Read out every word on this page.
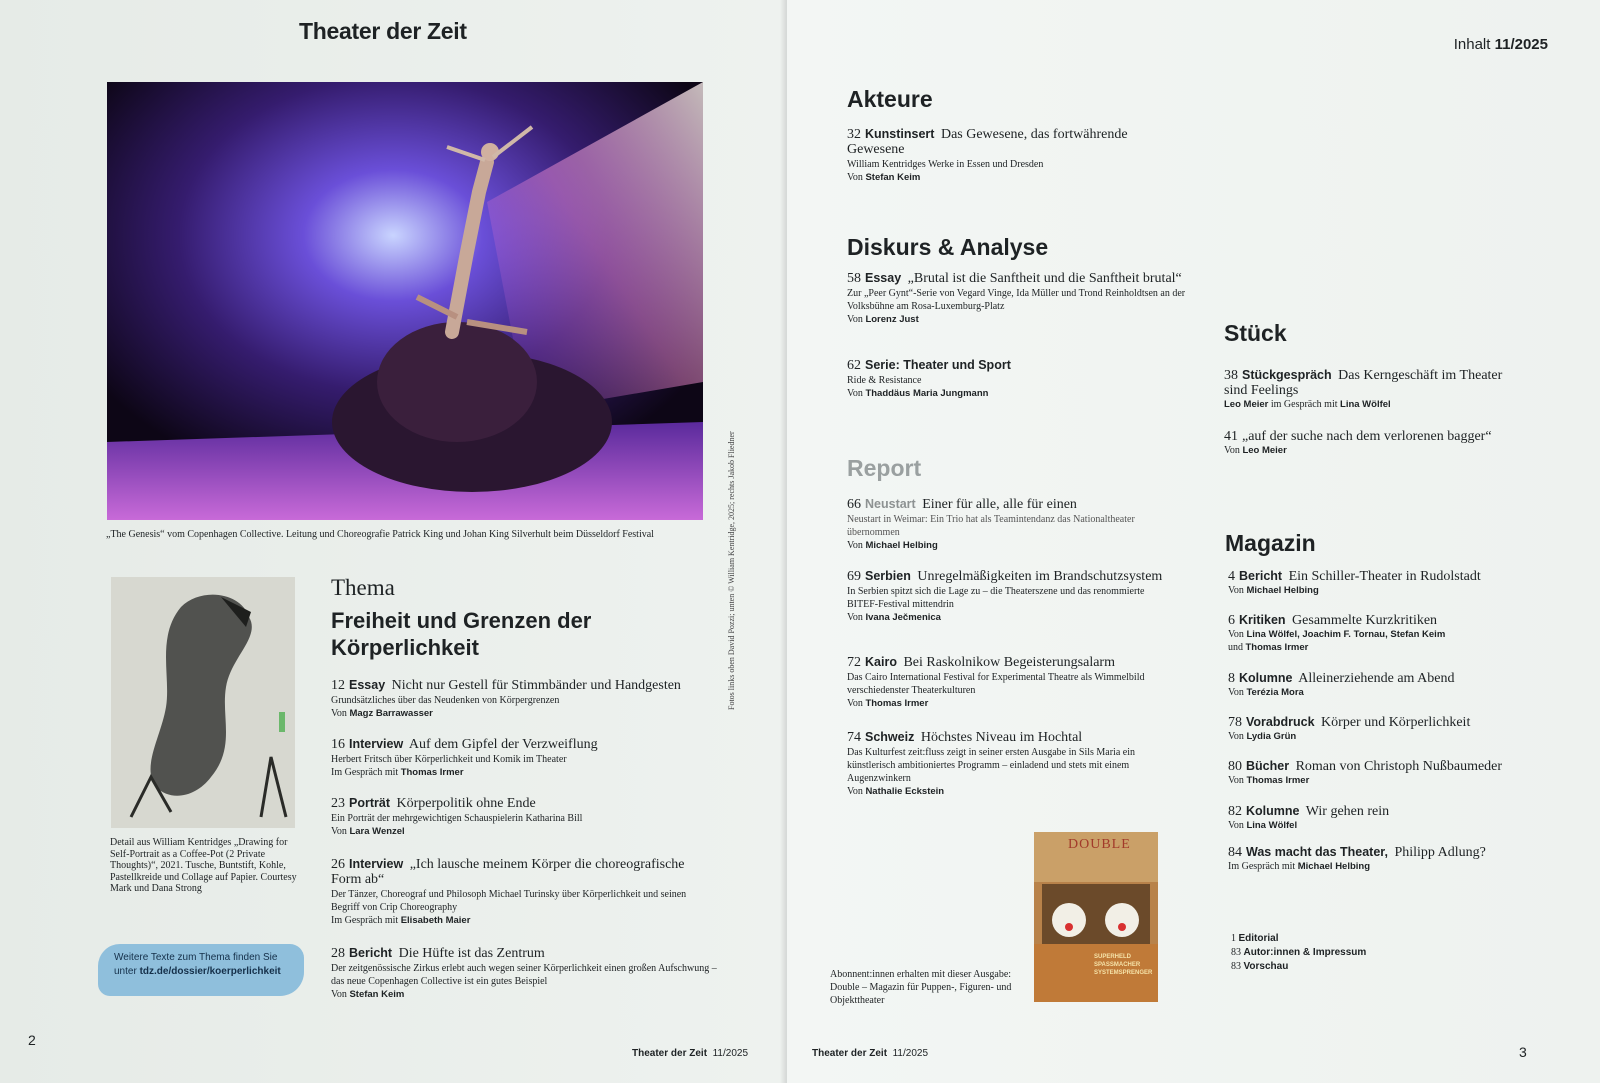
Theater der Zeit
„The Genesis“ vom Copenhagen Collective. Leitung und Choreografie Patrick King und Johan King Silverhult beim Düsseldorf Festival
Detail aus William Kentridges „Drawing for Self-Portrait as a Coffee-Pot (2 Private Thoughts)“, 2021. Tusche, Buntstift, Kohle, Pastellkreide und Collage auf Papier. Courtesy Mark und Dana Strong
Weitere Texte zum Thema finden Sie
unter tdz.de/dossier/koerperlichkeit
Thema
Freiheit und Grenzen der Körperlichkeit
12 Essay Nicht nur Gestell für Stimmbänder und Handgesten
Grundsätzliches über das Neudenken von Körpergrenzen
Von Magz Barrawasser
16 Interview Auf dem Gipfel der Verzweiflung
Herbert Fritsch über Körperlichkeit und Komik im Theater
Im Gespräch mit Thomas Irmer
23 Porträt Körperpolitik ohne Ende
Ein Porträt der mehrgewichtigen Schauspielerin Katharina Bill
Von Lara Wenzel
26 Interview „Ich lausche meinem Körper die choreografische Form ab“
Der Tänzer, Choreograf und Philosoph Michael Turinsky über Körperlichkeit und seinen Begriff von Crip Choreography
Im Gespräch mit Elisabeth Maier
28 Bericht Die Hüfte ist das Zentrum
Der zeitgenössische Zirkus erlebt auch wegen seiner Körperlichkeit einen großen Aufschwung – das neue Copenhagen Collective ist ein gutes Beispiel
Von Stefan Keim
Fotos links oben David Pozzi; unten © William Kentridge, 2025; rechts Jakob Fliedner
2
Theater der Zeit 11/2025
Inhalt 11/2025
Akteure
32 Kunstinsert Das Gewesene, das fortwährende Gewesene
William Kentridges Werke in Essen und Dresden
Von Stefan Keim
Diskurs & Analyse
58 Essay „Brutal ist die Sanftheit und die Sanftheit brutal“
Zur „Peer Gynt“-Serie von Vegard Vinge, Ida Müller und Trond Reinholdtsen an der Volksbühne am Rosa-Luxemburg-Platz
Von Lorenz Just
62 Serie: Theater und Sport
Ride & Resistance
Von Thaddäus Maria Jungmann
Report
66 Neustart Einer für alle, alle für einen
Neustart in Weimar: Ein Trio hat als Teamintendanz das Nationaltheater übernommen
Von Michael Helbing
69 Serbien Unregelmäßigkeiten im Brandschutzsystem
In Serbien spitzt sich die Lage zu – die Theaterszene und das renommierte BITEF-Festival mittendrin
Von Ivana Ječmenica
72 Kairo Bei Raskolnikow Begeisterungsalarm
Das Cairo International Festival for Experimental Theatre als Wimmelbild verschiedenster Theaterkulturen
Von Thomas Irmer
74 Schweiz Höchstes Niveau im Hochtal
Das Kulturfest zeit:fluss zeigt in seiner ersten Ausgabe in Sils Maria ein künstlerisch ambitioniertes Programm – einladend und stets mit einem Augenzwinkern
Von Nathalie Eckstein
Stück
38 Stückgespräch Das Kerngeschäft im Theater sind Feelings
Leo Meier im Gespräch mit Lina Wölfel
41 „auf der suche nach dem verlorenen bagger“
Von Leo Meier
Magazin
4 Bericht Ein Schiller-Theater in Rudolstadt
Von Michael Helbing
6 Kritiken Gesammelte Kurzkritiken
Von Lina Wölfel, Joachim F. Tornau, Stefan Keim
und Thomas Irmer
8 Kolumne Alleinerziehende am Abend
Von Terézia Mora
78 Vorabdruck Körper und Körperlichkeit
Von Lydia Grün
80 Bücher Roman von Christoph Nußbaumeder
Von Thomas Irmer
82 Kolumne Wir gehen rein
Von Lina Wölfel
84 Was macht das Theater, Philipp Adlung?
Im Gespräch mit Michael Helbing
1 Editorial
83 Autor:innen & Impressum
83 Vorschau
DOUBLE
SUPERHELD SPASSMACHER SYSTEMSPRENGER
Abonnent:innen erhalten mit dieser Ausgabe: Double – Magazin für Puppen-, Figuren- und Objekttheater
3
Theater der Zeit 11/2025
